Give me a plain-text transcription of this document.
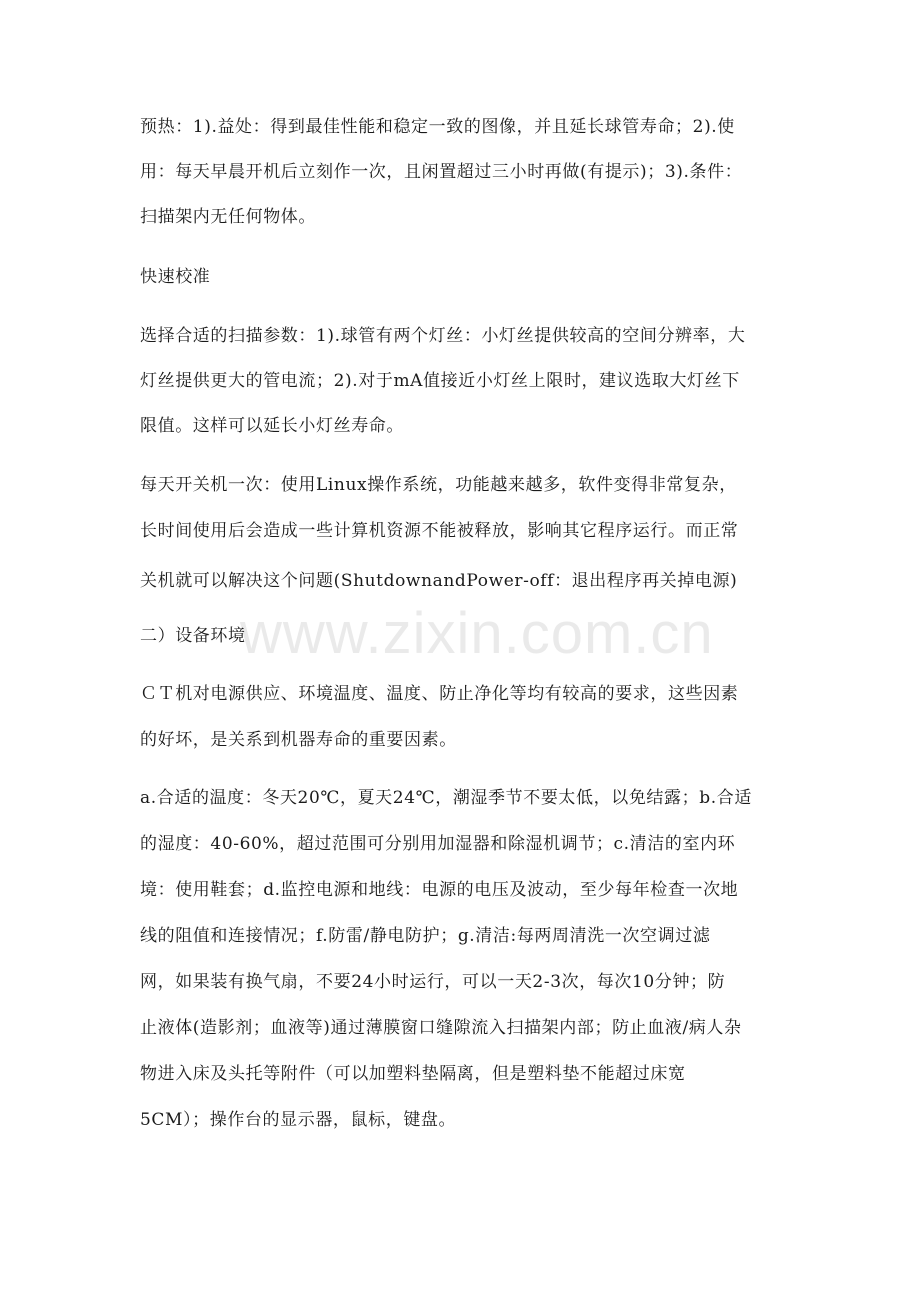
www.zixin.com.cn
预热：1).益处：得到最佳性能和稳定一致的图像，并且延长球管寿命；2).使
用：每天早晨开机后立刻作一次，且闲置超过三小时再做(有提示)；3).条件：
扫描架内无任何物体。
快速校准
选择合适的扫描参数：1).球管有两个灯丝：小灯丝提供较高的空间分辨率，大
灯丝提供更大的管电流；2).对于mA值接近小灯丝上限时，建议选取大灯丝下
限值。这样可以延长小灯丝寿命。
每天开关机一次：使用Linux操作系统，功能越来越多，软件变得非常复杂，
长时间使用后会造成一些计算机资源不能被释放，影响其它程序运行。而正常
关机就可以解决这个问题(ShutdownandPower-off：退出程序再关掉电源)
二）设备环境
ＣＴ机对电源供应、环境温度、温度、防止净化等均有较高的要求，这些因素
的好坏，是关系到机器寿命的重要因素。
a.合适的温度：冬天20℃，夏天24℃，潮湿季节不要太低，以免结露；b.合适
的湿度：40-60%，超过范围可分别用加湿器和除湿机调节；c.清洁的室内环
境：使用鞋套；d.监控电源和地线：电源的电压及波动，至少每年检查一次地
线的阻值和连接情况；f.防雷/静电防护；g.清洁:每两周清洗一次空调过滤
网，如果装有换气扇，不要24小时运行，可以一天2-3次，每次10分钟；防
止液体(造影剂；血液等)通过薄膜窗口缝隙流入扫描架内部；防止血液/病人杂
物进入床及头托等附件（可以加塑料垫隔离，但是塑料垫不能超过床宽
5CM）；操作台的显示器，鼠标，键盘。
